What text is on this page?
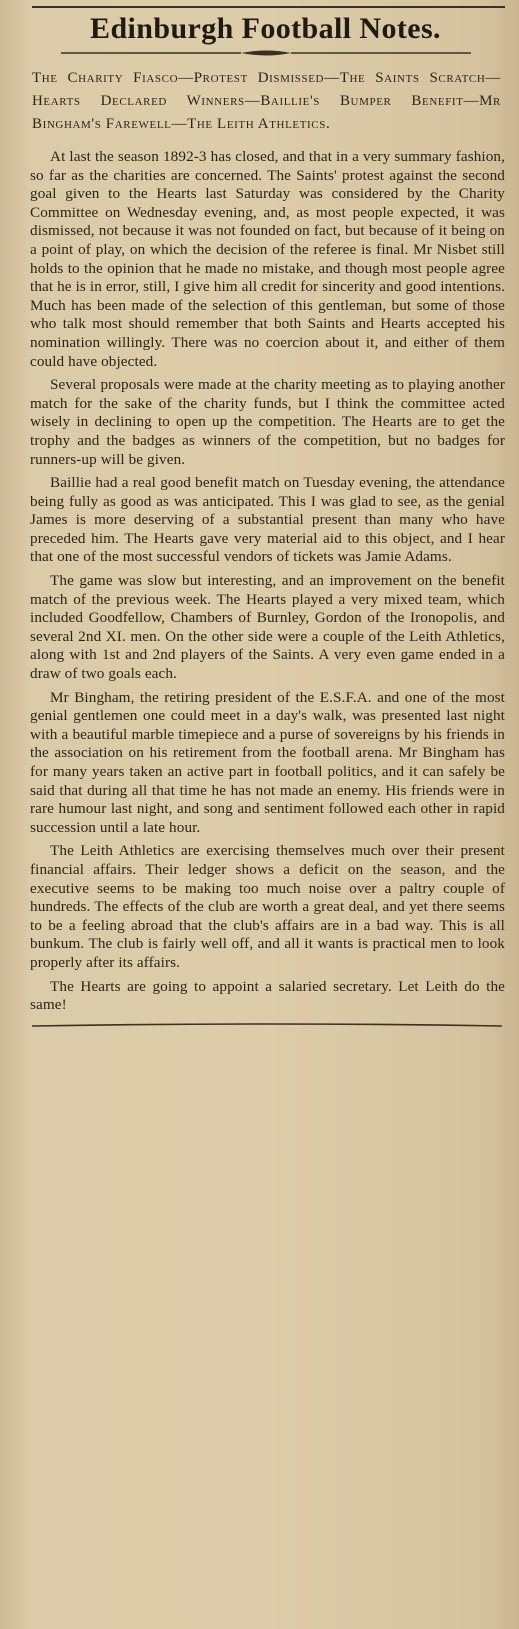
Edinburgh Football Notes.

The Charity Fiasco—Protest Dismissed—The Saints Scratch—Hearts Declared Winners—Baillie's Bumper Benefit—Mr Bingham's Farewell—The Leith Athletics.

At last the season 1892-3 has closed, and that in a very summary fashion, so far as the charities are concerned. The Saints' protest against the second goal given to the Hearts last Saturday was considered by the Charity Committee on Wednesday evening, and, as most people expected, it was dismissed, not because it was not founded on fact, but because of it being on a point of play, on which the decision of the referee is final. Mr Nisbet still holds to the opinion that he made no mistake, and though most people agree that he is in error, still, I give him all credit for sincerity and good intentions. Much has been made of the selection of this gentleman, but some of those who talk most should remember that both Saints and Hearts accepted his nomination willingly. There was no coercion about it, and either of them could have objected.

Several proposals were made at the charity meeting as to playing another match for the sake of the charity funds, but I think the committee acted wisely in declining to open up the competition. The Hearts are to get the trophy and the badges as winners of the competition, but no badges for runners-up will be given.

Baillie had a real good benefit match on Tuesday evening, the attendance being fully as good as was anticipated. This I was glad to see, as the genial James is more deserving of a substantial present than many who have preceded him. The Hearts gave very material aid to this object, and I hear that one of the most successful vendors of tickets was Jamie Adams.

The game was slow but interesting, and an improvement on the benefit match of the previous week. The Hearts played a very mixed team, which included Goodfellow, Chambers of Burnley, Gordon of the Ironopolis, and several 2nd XI. men. On the other side were a couple of the Leith Athletics, along with 1st and 2nd players of the Saints. A very even game ended in a draw of two goals each.

Mr Bingham, the retiring president of the E.S.F.A. and one of the most genial gentlemen one could meet in a day's walk, was presented last night with a beautiful marble timepiece and a purse of sovereigns by his friends in the association on his retirement from the football arena. Mr Bingham has for many years taken an active part in football politics, and it can safely be said that during all that time he has not made an enemy. His friends were in rare humour last night, and song and sentiment followed each other in rapid succession until a late hour.

The Leith Athletics are exercising themselves much over their present financial affairs. Their ledger shows a deficit on the season, and the executive seems to be making too much noise over a paltry couple of hundreds. The effects of the club are worth a great deal, and yet there seems to be a feeling abroad that the club's affairs are in a bad way. This is all bunkum. The club is fairly well off, and all it wants is practical men to look properly after its affairs.

The Hearts are going to appoint a salaried secretary. Let Leith do the same!
